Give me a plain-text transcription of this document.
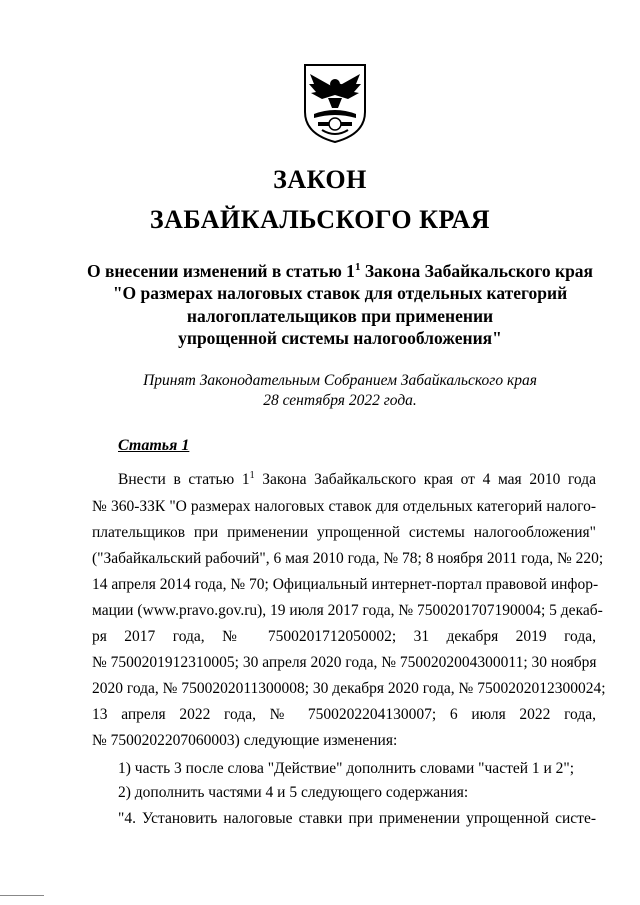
ЗАКОН
ЗАБАЙКАЛЬСКОГО КРАЯ
О внесении изменений в статью $1^1$ Закона Забайкальского края
"О размерах налоговых ставок для отдельных категорий
налогоплательщиков при применении
упрощенной системы налогообложения"
Принят Законодательным Собранием Забайкальского края
28 сентября 2022 года.
Статья 1
Внести в статью $1^1$ Закона Забайкальского края от 4 мая 2010 года
№ 360-ЗЗК "О размерах налоговых ставок для отдельных категорий налого-
плательщиков при применении упрощенной системы налогообложения"
("Забайкальский рабочий", 6 мая 2010 года, № 78; 8 ноября 2011 года, № 220;
14 апреля 2014 года, № 70; Официальный интернет-портал правовой инфор-
мации (www.pravo.gov.ru), 19 июля 2017 года, № 7500201707190004; 5 декаб-
ря 2017 года, № 7500201712050002; 31 декабря 2019 года,
№ 7500201912310005; 30 апреля 2020 года, № 7500202004300011; 30 ноября
2020 года, № 7500202011300008; 30 декабря 2020 года, № 7500202012300024;
13 апреля 2022 года, № 7500202204130007; 6 июля 2022 года,
№ 7500202207060003) следующие изменения:
1) часть 3 после слова "Действие" дополнить словами "частей 1 и 2";
2) дополнить частями 4 и 5 следующего содержания:
"4. Установить налоговые ставки при применении упрощенной систе-
